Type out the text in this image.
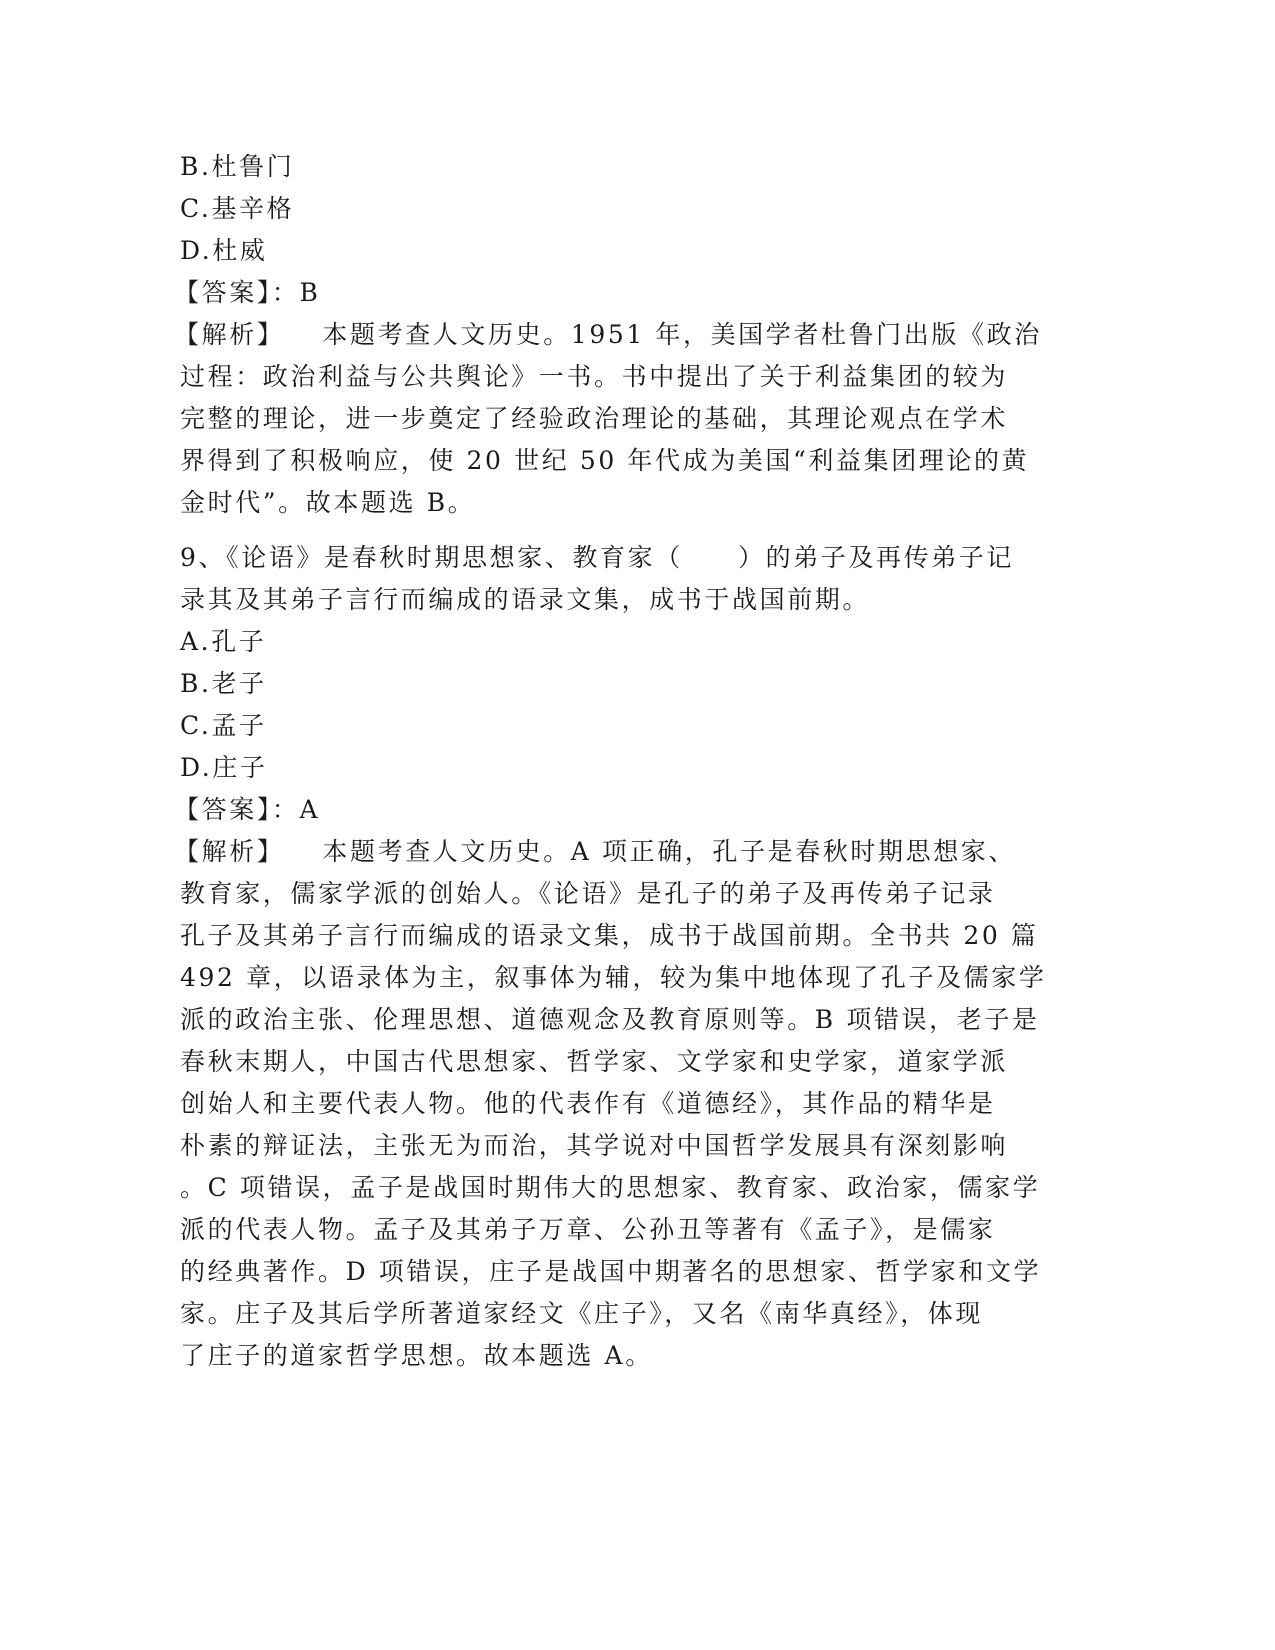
B.杜鲁门
C.基辛格
D.杜威
【答案】：B
【解析】 本题考查人文历史。1951 年，美国学者杜鲁门出版《政治
过程：政治利益与公共舆论》一书。书中提出了关于利益集团的较为
完整的理论，进一步奠定了经验政治理论的基础，其理论观点在学术
界得到了积极响应，使 20 世纪 50 年代成为美国“利益集团理论的黄
金时代”。故本题选 B。
9、《论语》是春秋时期思想家、教育家（　　）的弟子及再传弟子记
录其及其弟子言行而编成的语录文集，成书于战国前期。
A.孔子
B.老子
C.孟子
D.庄子
【答案】：A
【解析】 本题考查人文历史。A 项正确，孔子是春秋时期思想家、
教育家，儒家学派的创始人。《论语》是孔子的弟子及再传弟子记录
孔子及其弟子言行而编成的语录文集，成书于战国前期。全书共 20 篇
492 章，以语录体为主，叙事体为辅，较为集中地体现了孔子及儒家学
派的政治主张、伦理思想、道德观念及教育原则等。B 项错误，老子是
春秋末期人，中国古代思想家、哲学家、文学家和史学家，道家学派
创始人和主要代表人物。他的代表作有《道德经》，其作品的精华是
朴素的辩证法，主张无为而治，其学说对中国哲学发展具有深刻影响
。C 项错误，孟子是战国时期伟大的思想家、教育家、政治家，儒家学
派的代表人物。孟子及其弟子万章、公孙丑等著有《孟子》，是儒家
的经典著作。D 项错误，庄子是战国中期著名的思想家、哲学家和文学
家。庄子及其后学所著道家经文《庄子》，又名《南华真经》，体现
了庄子的道家哲学思想。故本题选 A。
